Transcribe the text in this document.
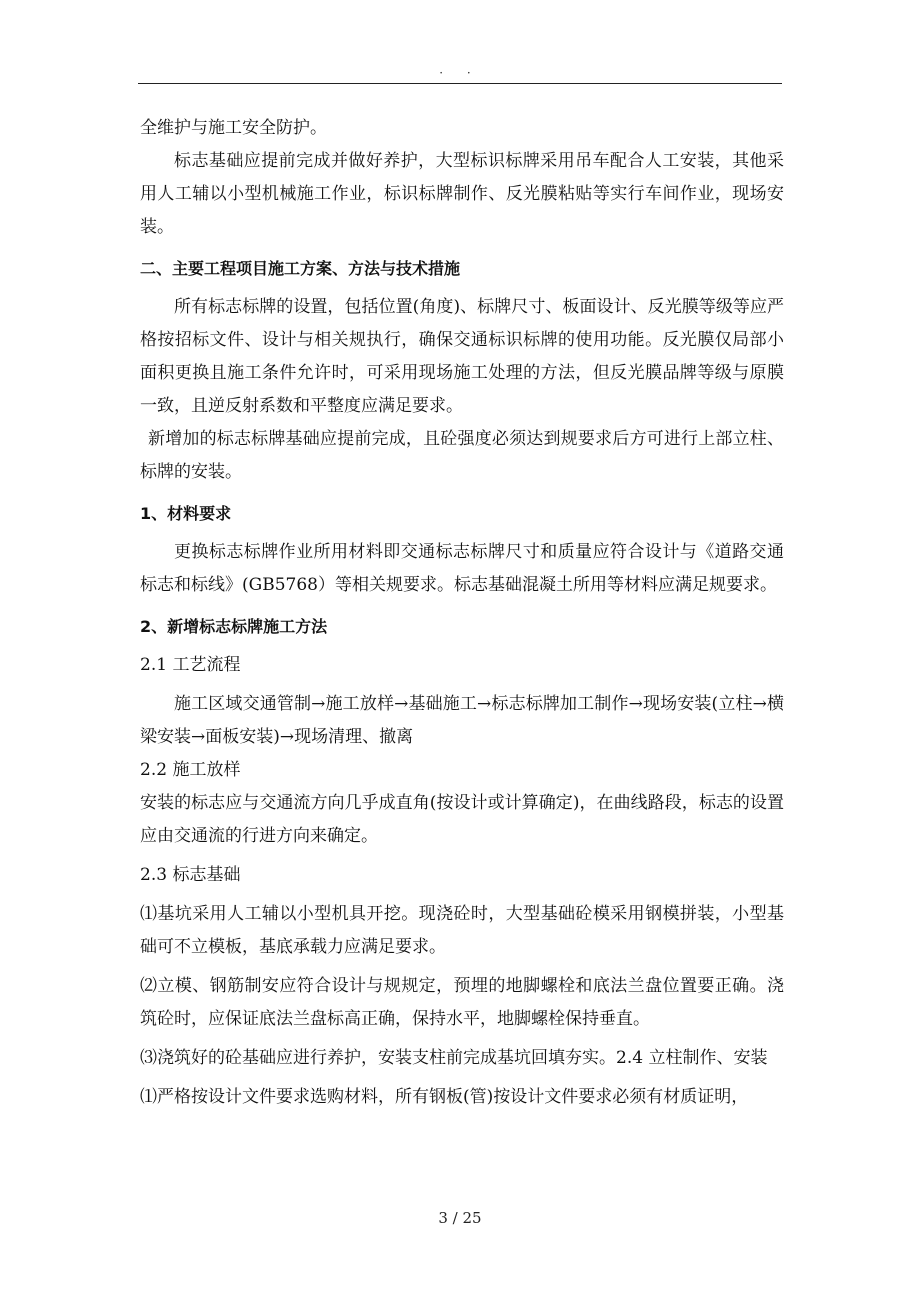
· ·

全维护与施工安全防护。

标志基础应提前完成并做好养护，大型标识标牌采用吊车配合人工安装，其他采用人工辅以小型机械施工作业，标识标牌制作、反光膜粘贴等实行车间作业，现场安装。

二、主要工程项目施工方案、方法与技术措施

所有标志标牌的设置，包括位置(角度)、标牌尺寸、板面设计、反光膜等级等应严格按招标文件、设计与相关规执行，确保交通标识标牌的使用功能。反光膜仅局部小面积更换且施工条件允许时，可采用现场施工处理的方法，但反光膜品牌等级与原膜一致，且逆反射系数和平整度应满足要求。

新增加的标志标牌基础应提前完成，且砼强度必须达到规要求后方可进行上部立柱、标牌的安装。

1、材料要求

更换标志标牌作业所用材料即交通标志标牌尺寸和质量应符合设计与《道路交通标志和标线》(GB5768）等相关规要求。标志基础混凝土所用等材料应满足规要求。

2、新增标志标牌施工方法

2.1 工艺流程

施工区域交通管制→施工放样→基础施工→标志标牌加工制作→现场安装(立柱→横梁安装→面板安装)→现场清理、撤离

2.2 施工放样

安装的标志应与交通流方向几乎成直角(按设计或计算确定)，在曲线路段，标志的设置应由交通流的行进方向来确定。

2.3 标志基础

⑴基坑采用人工辅以小型机具开挖。现浇砼时，大型基础砼模采用钢模拼装，小型基础可不立模板，基底承载力应满足要求。

⑵立模、钢筋制安应符合设计与规规定，预埋的地脚螺栓和底法兰盘位置要正确。浇筑砼时，应保证底法兰盘标高正确，保持水平，地脚螺栓保持垂直。

⑶浇筑好的砼基础应进行养护，安装支柱前完成基坑回填夯实。2.4 立柱制作、安装

⑴严格按设计文件要求选购材料，所有钢板(管)按设计文件要求必须有材质证明，

3 / 25
